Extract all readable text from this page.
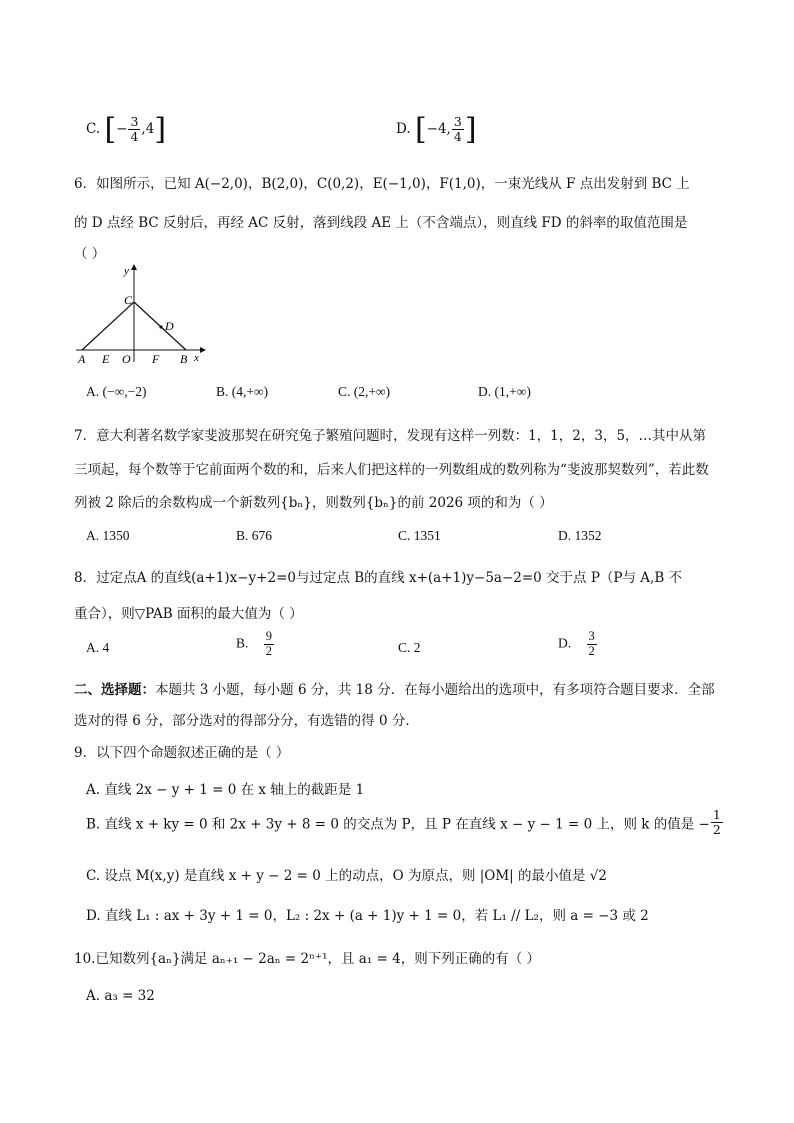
C. [− $\frac{3}{4} ,4$]	D. [−4, $\frac{3}{4}$ ]
6．如图所示，已知 A(−2,0)，B(2,0)，C(0,2)，E(−1,0)，F(1,0)，一束光线从 F 点出发射到 BC 上
的 D 点经 BC 反射后，再经 AC 反射，落到线段 AE 上（不含端点），则直线 FD 的斜率的取值范围是
（ ）
y
C
D
A E O F B x
A. (−∞,−2)	B. (4,+∞)	C. (2,+∞)	D. (1,+∞)
7．意大利著名数学家斐波那契在研究兔子繁殖问题时，发现有这样一列数：1，1，2，3，5，…其中从第
三项起，每个数等于它前面两个数的和，后来人们把这样的一列数组成的数列称为“斐波那契数列”，若此数
列被 2 除后的余数构成一个新数列{bₙ}，则数列{bₙ}的前 2026 项的和为（ ）
A. 1350	B. 676	C. 1351	D. 1352
8．过定点A 的直线(a+1)x−y+2=0与过定点 B的直线 x+(a+1)y−5a−2=0 交于点 P（P与 A,B 不
重合），则▽PAB 面积的最大值为（ ）
A. 4	B. $\frac{9}{2}$	C. 2	D. $\frac{3}{2}$
二、选择题：本题共 3 小题，每小题 6 分，共 18 分．在每小题给出的选项中，有多项符合题目要求．全部
选对的得 6 分，部分选对的得部分分，有选错的得 0 分．
9．以下四个命题叙述正确的是（ ）
A. 直线 2x − y + 1 = 0 在 x 轴上的截距是 1
B. 直线 x + ky = 0 和 2x + 3y + 8 = 0 的交点为 P，且 P 在直线 x − y − 1 = 0 上，则 k 的值是 − $\frac{1}{2}$
C. 设点 M(x,y) 是直线 x + y − 2 = 0 上的动点，O 为原点，则 |OM| 的最小值是 √2
D. 直线 L₁ : ax + 3y + 1 = 0，L₂ : 2x + (a + 1)y + 1 = 0，若 L₁ // L₂，则 a = −3 或 2
10.已知数列{aₙ}满足 aₙ₊₁ − 2aₙ = 2ⁿ⁺¹，且 a₁ = 4，则下列正确的有（ ）
A. a₃ = 32
